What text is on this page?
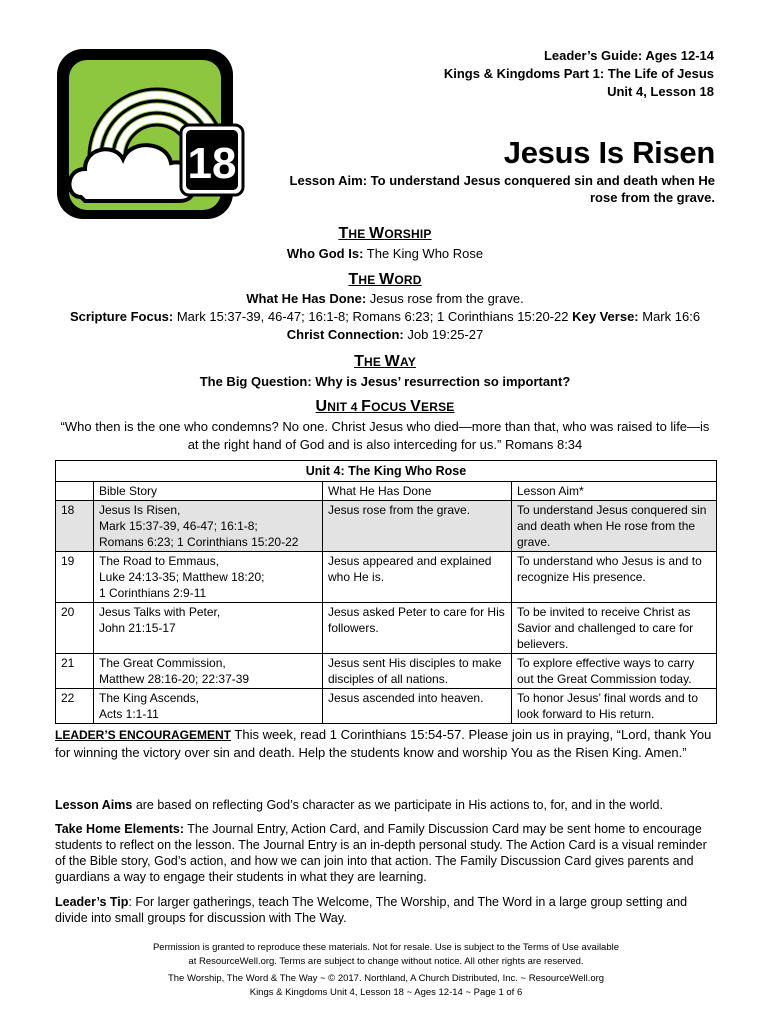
18
Leader’s Guide: Ages 12-14
Kings & Kingdoms Part 1: The Life of Jesus
Unit 4, Lesson 18
Jesus Is Risen
Lesson Aim: To understand Jesus conquered sin and death when He rose from the grave.
THE WORSHIP
Who God Is: The King Who Rose
THE WORD
What He Has Done: Jesus rose from the grave.
Scripture Focus: Mark 15:37-39, 46-47; 16:1-8; Romans 6:23; 1 Corinthians 15:20-22 Key Verse: Mark 16:6
Christ Connection: Job 19:25-27
THE WAY
The Big Question: Why is Jesus’ resurrection so important?
UNIT 4 FOCUS VERSE
“Who then is the one who condemns? No one. Christ Jesus who died—more than that, who was raised to life—is at the right hand of God and is also interceding for us.” Romans 8:34
Unit 4: The King Who Rose			
	Bible Story	What He Has Done	Lesson Aim*
18	Jesus Is Risen,
Mark 15:37-39, 46-47; 16:1-8;
Romans 6:23; 1 Corinthians 15:20-22	Jesus rose from the grave.	To understand Jesus conquered sin and death when He rose from the grave.
19	The Road to Emmaus,
Luke 24:13-35; Matthew 18:20;
1 Corinthians 2:9-11	Jesus appeared and explained who He is.	To understand who Jesus is and to recognize His presence.
20	Jesus Talks with Peter,
John 21:15-17	Jesus asked Peter to care for His followers.	To be invited to receive Christ as Savior and challenged to care for believers.
21	The Great Commission,
Matthew 28:16-20; 22:37-39	Jesus sent His disciples to make disciples of all nations.	To explore effective ways to carry out the Great Commission today.
22	The King Ascends,
Acts 1:1-11	Jesus ascended into heaven.	To honor Jesus’ final words and to look forward to His return.
LEADER’S ENCOURAGEMENT This week, read 1 Corinthians 15:54-57. Please join us in praying, “Lord, thank You for winning the victory over sin and death. Help the students know and worship You as the Risen King. Amen.”
Lesson Aims are based on reflecting God’s character as we participate in His actions to, for, and in the world.
Take Home Elements: The Journal Entry, Action Card, and Family Discussion Card may be sent home to encourage students to reflect on the lesson. The Journal Entry is an in-depth personal study. The Action Card is a visual reminder of the Bible story, God’s action, and how we can join into that action. The Family Discussion Card gives parents and guardians a way to engage their students in what they are learning.
Leader’s Tip: For larger gatherings, teach The Welcome, The Worship, and The Word in a large group setting and divide into small groups for discussion with The Way.
Permission is granted to reproduce these materials. Not for resale. Use is subject to the Terms of Use available
at ResourceWell.org. Terms are subject to change without notice. All other rights are reserved.
The Worship, The Word & The Way ~ © 2017. Northland, A Church Distributed, Inc. ~ ResourceWell.org
Kings & Kingdoms Unit 4, Lesson 18 ~ Ages 12-14 ~ Page 1 of 6
